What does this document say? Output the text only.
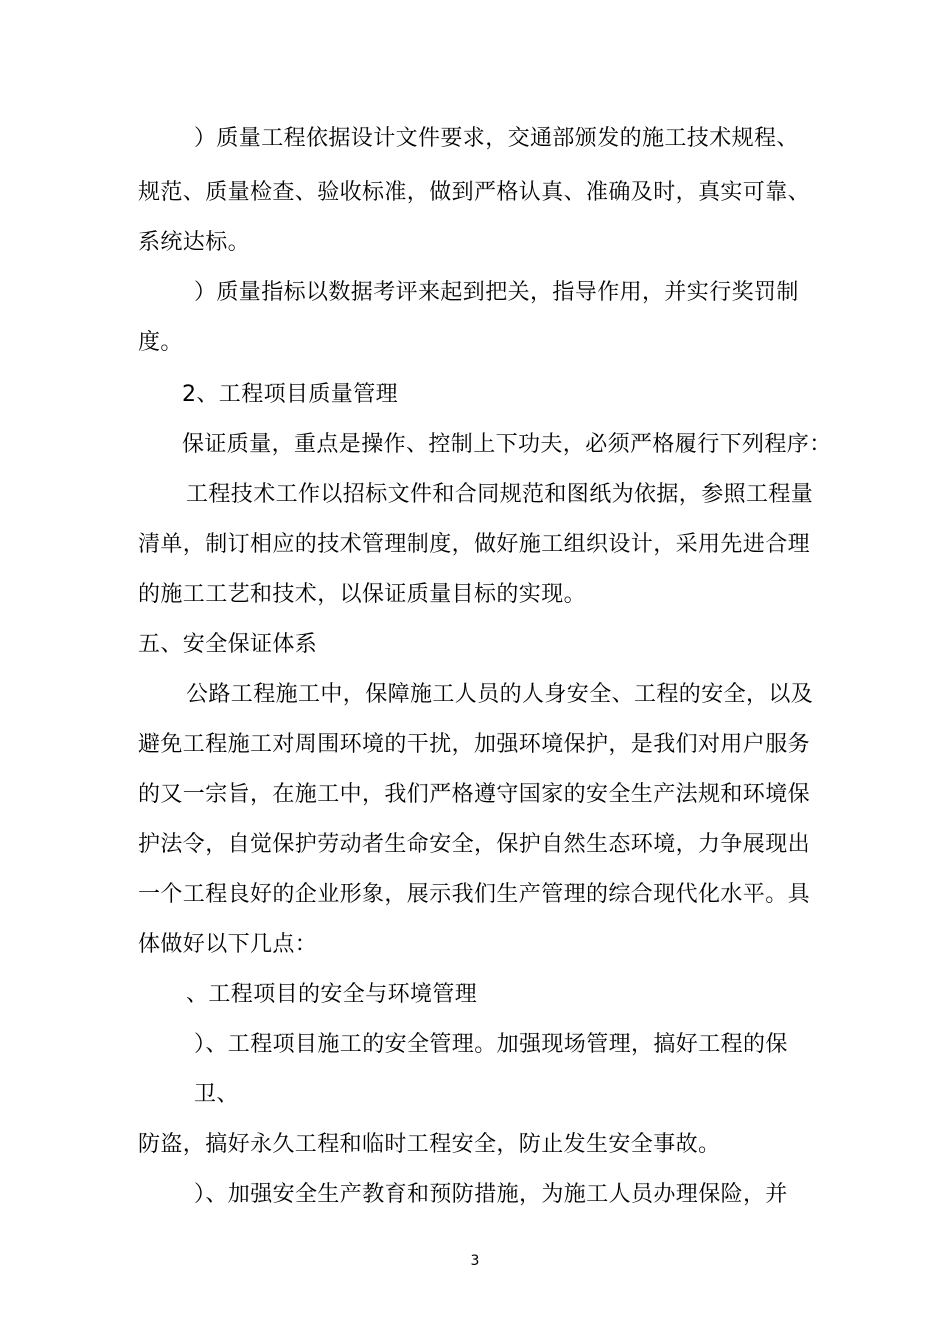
）质量工程依据设计文件要求，交通部颁发的施工技术规程、
规范、质量检查、验收标准，做到严格认真、准确及时，真实可靠、
系统达标。
）质量指标以数据考评来起到把关，指导作用，并实行奖罚制
度。
2、工程项目质量管理
保证质量，重点是操作、控制上下功夫，必须严格履行下列程序：
工程技术工作以招标文件和合同规范和图纸为依据，参照工程量
清单，制订相应的技术管理制度，做好施工组织设计，采用先进合理
的施工工艺和技术，以保证质量目标的实现。
五、安全保证体系
公路工程施工中，保障施工人员的人身安全、工程的安全，以及
避免工程施工对周围环境的干扰，加强环境保护，是我们对用户服务
的又一宗旨，在施工中，我们严格遵守国家的安全生产法规和环境保
护法令，自觉保护劳动者生命安全，保护自然生态环境，力争展现出
一个工程良好的企业形象，展示我们生产管理的综合现代化水平。具
体做好以下几点：
、工程项目的安全与环境管理
）、工程项目施工的安全管理。加强现场管理，搞好工程的保
卫、
防盗，搞好永久工程和临时工程安全，防止发生安全事故。
）、加强安全生产教育和预防措施，为施工人员办理保险，并
3
